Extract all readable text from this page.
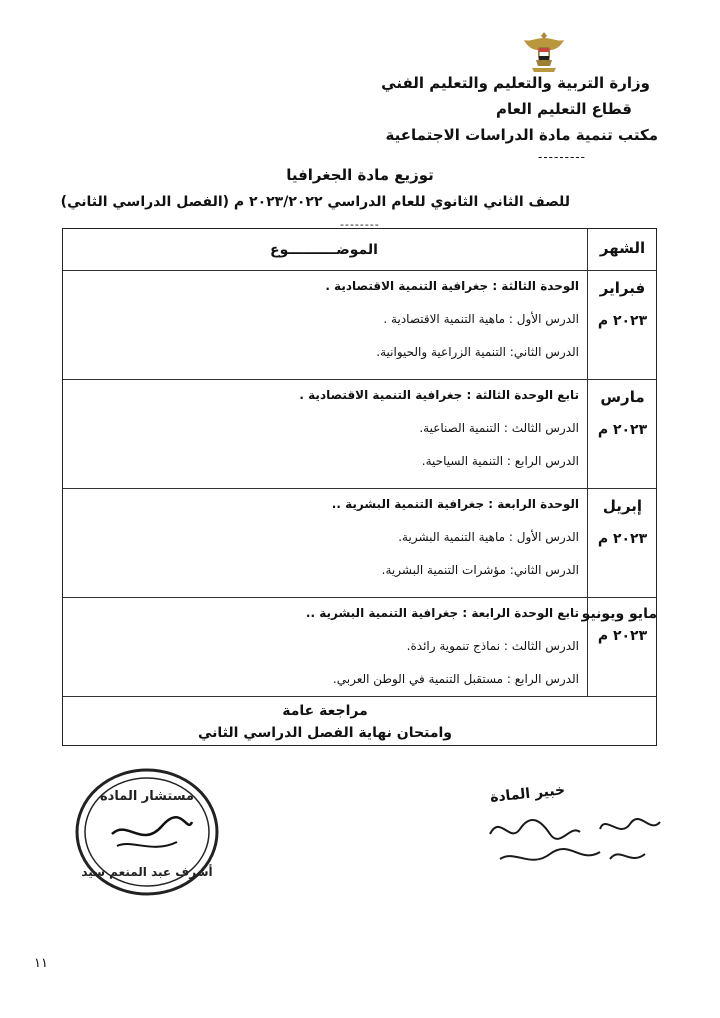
وزارة التربية والتعليم والتعليم الفني
قطاع التعليم العام
مكتب تنمية مادة الدراسات الاجتماعية
---------
توزيع مادة الجغرافيا
للصف الثاني الثانوي للعام الدراسي ٢٠٢٣/٢٠٢٢ م (الفصل الدراسي الثاني)
--------
الشهر
الموضــــــــــوع
فبراير
٢٠٢٣ م
الوحدة الثالثة : جغرافية التنمية الاقتصادية .
الدرس الأول : ماهية التنمية الاقتصادية .
الدرس الثاني: التنمية الزراعية والحيوانية.
مارس
٢٠٢٣ م
تابع الوحدة الثالثة : جغرافية التنمية الاقتصادية .
الدرس الثالث : التنمية الصناعية.
الدرس الرابع : التنمية السياحية.
إبريل
٢٠٢٣ م
الوحدة الرابعة : جغرافية التنمية البشرية ..
الدرس الأول : ماهية التنمية البشرية.
الدرس الثاني: مؤشرات التنمية البشرية.
مايو ويونيو
٢٠٢٣ م
تابع الوحدة الرابعة : جغرافية التنمية البشرية ..
الدرس الثالث : نماذج تنموية رائدة.
الدرس الرابع : مستقبل التنمية في الوطن العربي.
مراجعة عامة
وامتحان نهاية الفصل الدراسي الثاني
مستشار المادة
أشرف عبد المنعم سيد
خبير المادة
١١
